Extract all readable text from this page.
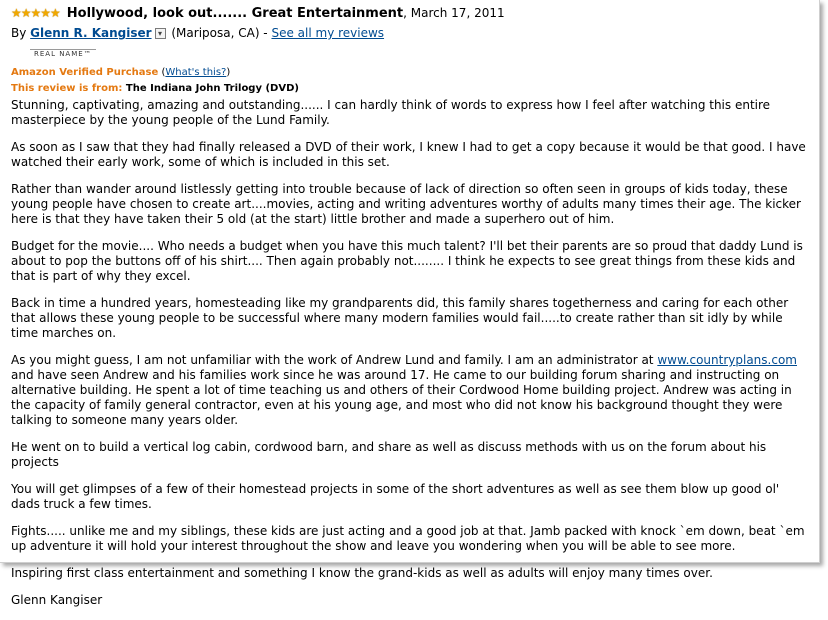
★★★★★ Hollywood, look out....... Great Entertainment, March 17, 2011
By Glenn R. Kangiser ▾ (Mariposa, CA) - See all my reviews
REAL NAME™
Amazon Verified Purchase (What's this?)
This review is from: The Indiana John Trilogy (DVD)

Stunning, captivating, amazing and outstanding...... I can hardly think of words to express how I feel after watching this entire masterpiece by the young people of the Lund Family.

As soon as I saw that they had finally released a DVD of their work, I knew I had to get a copy because it would be that good. I have watched their early work, some of which is included in this set.

Rather than wander around listlessly getting into trouble because of lack of direction so often seen in groups of kids today, these young people have chosen to create art....movies, acting and writing adventures worthy of adults many times their age. The kicker here is that they have taken their 5 old (at the start) little brother and made a superhero out of him.

Budget for the movie.... Who needs a budget when you have this much talent? I'll bet their parents are so proud that daddy Lund is about to pop the buttons off of his shirt.... Then again probably not........ I think he expects to see great things from these kids and that is part of why they excel.

Back in time a hundred years, homesteading like my grandparents did, this family shares togetherness and caring for each other that allows these young people to be successful where many modern families would fail.....to create rather than sit idly by while time marches on.

As you might guess, I am not unfamiliar with the work of Andrew Lund and family. I am an administrator at www.countryplans.com and have seen Andrew and his families work since he was around 17. He came to our building forum sharing and instructing on alternative building. He spent a lot of time teaching us and others of their Cordwood Home building project. Andrew was acting in the capacity of family general contractor, even at his young age, and most who did not know his background thought they were talking to someone many years older.

He went on to build a vertical log cabin, cordwood barn, and share as well as discuss methods with us on the forum about his projects

You will get glimpses of a few of their homestead projects in some of the short adventures as well as see them blow up good ol' dads truck a few times.

Fights..... unlike me and my siblings, these kids are just acting and a good job at that. Jamb packed with knock `em down, beat `em up adventure it will hold your interest throughout the show and leave you wondering when you will be able to see more.

Inspiring first class entertainment and something I know the grand-kids as well as adults will enjoy many times over.

Glenn Kangiser
